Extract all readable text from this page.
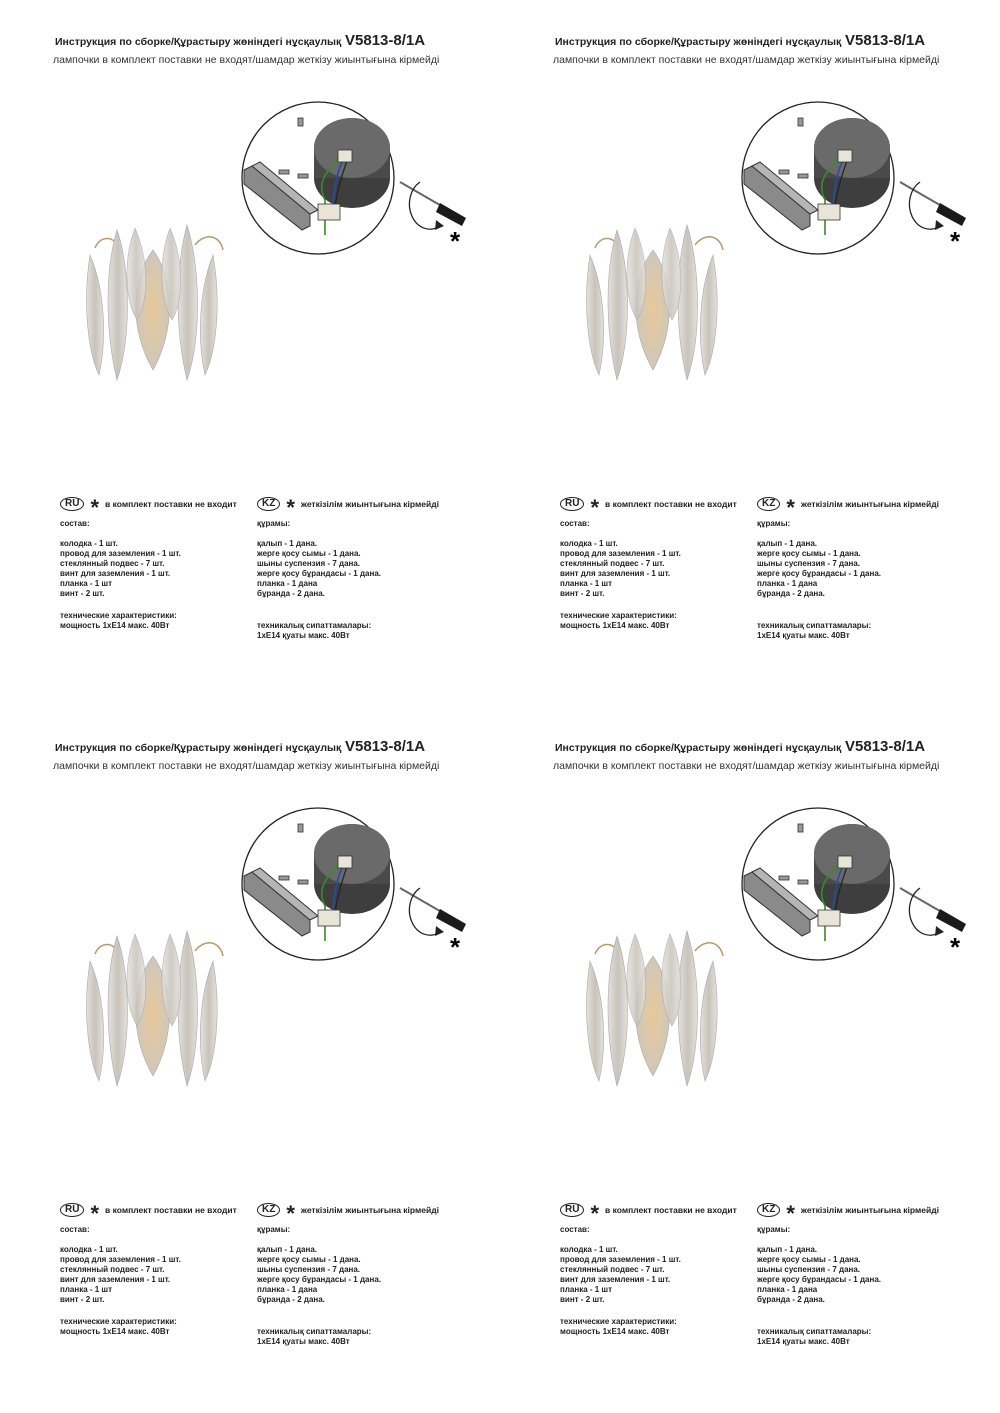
Инструкция по сборке/Құрастыру жөніндегі нұсқаулық V5813-8/1A
лампочки в комплект поставки не входят/шамдар жеткізу жиынтығына кірмейді
*
RU * в комплект поставки не входит
состав:
колодка - 1 шт.
провод для заземления - 1 шт.
стеклянный подвес - 7 шт.
винт для заземления - 1 шт.
планка - 1 шт
винт - 2 шт.
технические характеристики:
мощность 1хЕ14 макс. 40Вт
KZ * жеткізілім жиынтығына кірмейді
құрамы:
қалып - 1 дана.
жерге қосу сымы - 1 дана.
шыны суспензия - 7 дана.
жерге қосу бұрандасы - 1 дана.
планка - 1 дана
бұранда - 2 дана.
техникалық сипаттамалары:
1хЕ14 қуаты макс. 40Вт
Инструкция по сборке/Құрастыру жөніндегі нұсқаулық V5813-8/1A
лампочки в комплект поставки не входят/шамдар жеткізу жиынтығына кірмейді
*
RU * в комплект поставки не входит
состав:
колодка - 1 шт.
провод для заземления - 1 шт.
стеклянный подвес - 7 шт.
винт для заземления - 1 шт.
планка - 1 шт
винт - 2 шт.
технические характеристики:
мощность 1хЕ14 макс. 40Вт
KZ * жеткізілім жиынтығына кірмейді
құрамы:
қалып - 1 дана.
жерге қосу сымы - 1 дана.
шыны суспензия - 7 дана.
жерге қосу бұрандасы - 1 дана.
планка - 1 дана
бұранда - 2 дана.
техникалық сипаттамалары:
1хЕ14 қуаты макс. 40Вт
Инструкция по сборке/Құрастыру жөніндегі нұсқаулық V5813-8/1A
лампочки в комплект поставки не входят/шамдар жеткізу жиынтығына кірмейді
*
RU * в комплект поставки не входит
состав:
колодка - 1 шт.
провод для заземления - 1 шт.
стеклянный подвес - 7 шт.
винт для заземления - 1 шт.
планка - 1 шт
винт - 2 шт.
технические характеристики:
мощность 1хЕ14 макс. 40Вт
KZ * жеткізілім жиынтығына кірмейді
құрамы:
қалып - 1 дана.
жерге қосу сымы - 1 дана.
шыны суспензия - 7 дана.
жерге қосу бұрандасы - 1 дана.
планка - 1 дана
бұранда - 2 дана.
техникалық сипаттамалары:
1хЕ14 қуаты макс. 40Вт
Инструкция по сборке/Құрастыру жөніндегі нұсқаулық V5813-8/1A
лампочки в комплект поставки не входят/шамдар жеткізу жиынтығына кірмейді
*
RU * в комплект поставки не входит
состав:
колодка - 1 шт.
провод для заземления - 1 шт.
стеклянный подвес - 7 шт.
винт для заземления - 1 шт.
планка - 1 шт
винт - 2 шт.
технические характеристики:
мощность 1хЕ14 макс. 40Вт
KZ * жеткізілім жиынтығына кірмейді
құрамы:
қалып - 1 дана.
жерге қосу сымы - 1 дана.
шыны суспензия - 7 дана.
жерге қосу бұрандасы - 1 дана.
планка - 1 дана
бұранда - 2 дана.
техникалық сипаттамалары:
1хЕ14 қуаты макс. 40Вт
